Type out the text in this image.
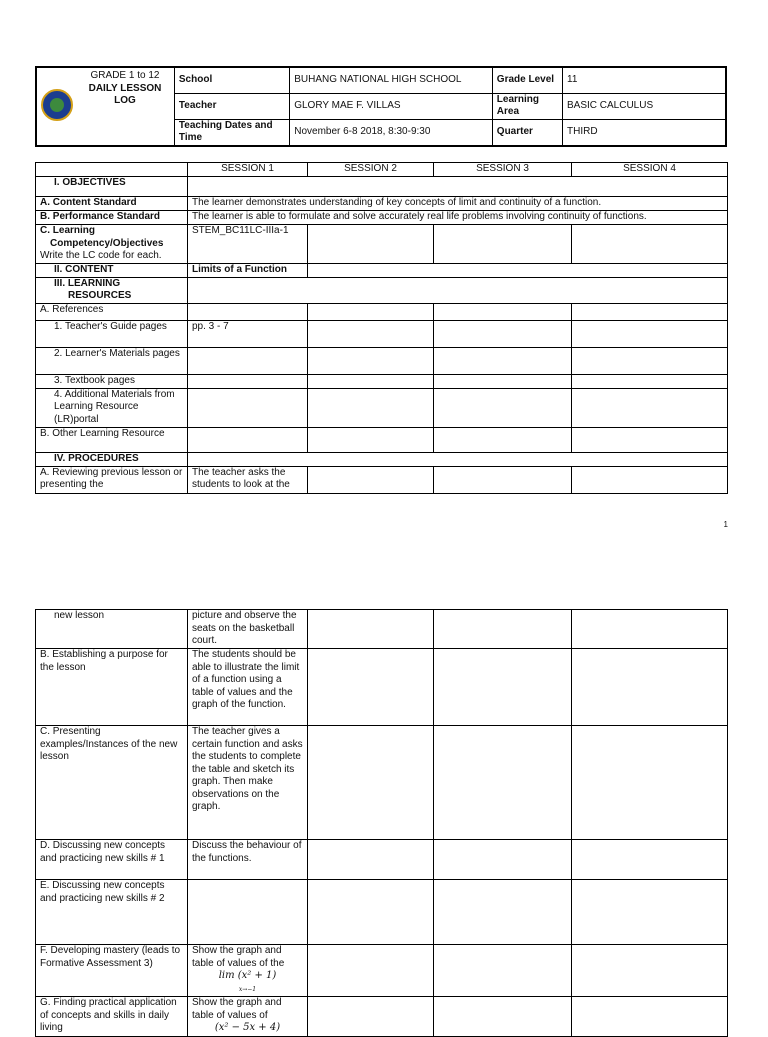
	GRADE 1 to 12
DAILY LESSON
LOG	School	BUHANG NATIONAL HIGH SCHOOL	Grade Level	11
		Teacher	GLORY MAE F. VILLAS	Learning Area	BASIC CALCULUS
		Teaching Dates and Time	November 6-8 2018, 8:30-9:30	Quarter	THIRD
	SESSION 1	SESSION 2	SESSION 3	SESSION 4
I. OBJECTIVES				
A. Content Standard	The learner demonstrates understanding of key concepts of limit and continuity of a function.			
B. Performance Standard	The learner is able to formulate and solve accurately real life problems involving continuity of functions.			

C. Learning
Competency/Objectives
Write the LC code for each.	STEM_BC11LC-IIIa-1			
II. CONTENT	Limits of a Function			

III. LEARNING
RESOURCES				

A. References				
1. Teacher's Guide pages	pp. 3 - 7			
2. Learner's Materials pages				
3. Textbook pages				
4. Additional Materials from Learning Resource (LR)portal				
B. Other Learning Resource				
IV. PROCEDURES				
A. Reviewing previous lesson or presenting the	The teacher asks the students to look at the			
1
new lesson	picture and observe the seats on the basketball court.			
B. Establishing a purpose for the lesson	The students should be able to illustrate the limit of a function using a table of values and the graph of the function.			
C. Presenting examples/Instances of the new lesson	The teacher gives a certain function and asks the students to complete the table and sketch its graph. Then make observations on the graph.			
D. Discussing new concepts and practicing new skills # 1	Discuss the behaviour of the functions.			
E. Discussing new concepts and practicing new skills # 2				
F. Developing mastery (leads to Formative Assessment 3)	Show the graph and table of values of the
lim (x² + 1)
x→−1			

G. Finding practical application of concepts and skills in daily living	Show the graph and table of values of
(x² − 5x + 4)			
